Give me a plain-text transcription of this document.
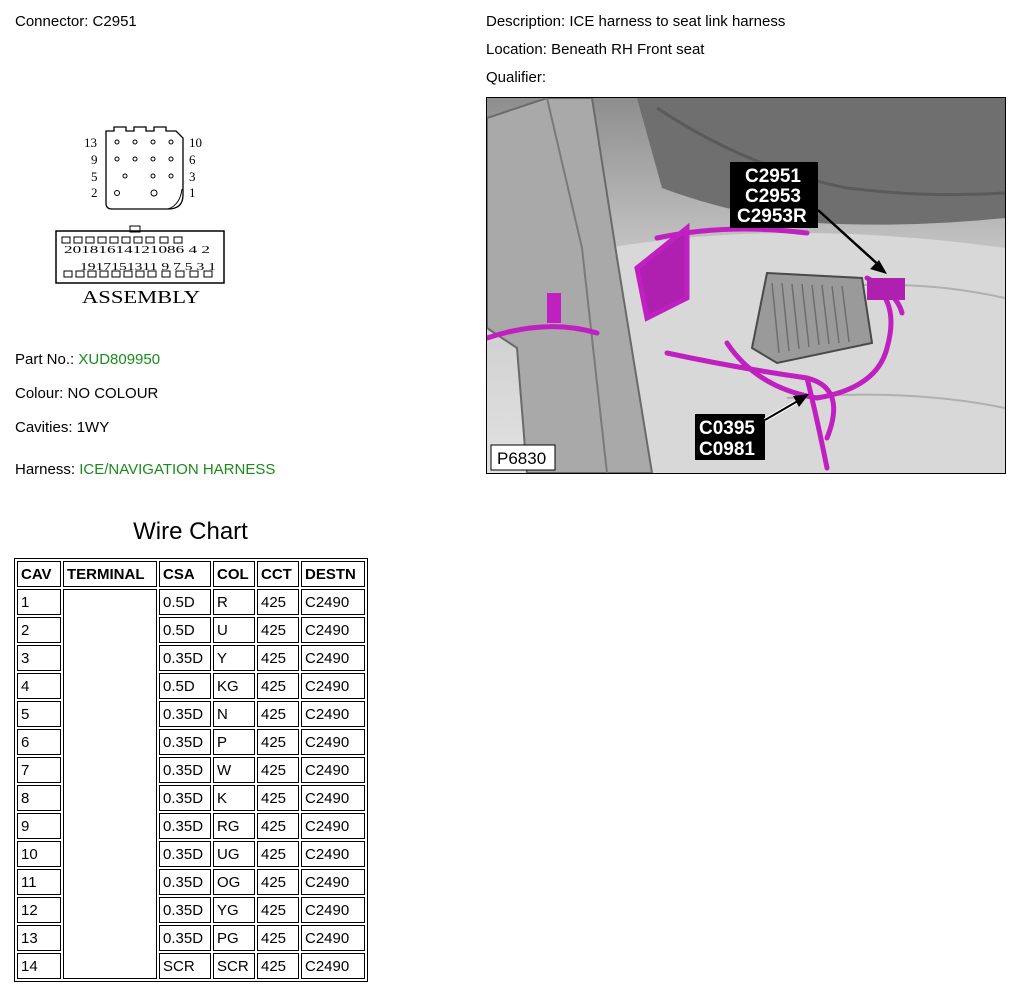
Connector: C2951	Description: ICE harness to seat link harness
Location: Beneath RH Front seat
Qualifier:
13
9
5
2
10
6
3
1
20181614121086 4 2
1917151311 9 7 5 3 1
ASSEMBLY
Part No.: XUD809950
Colour: NO COLOUR
Cavities: 1WY
Harness: ICE/NAVIGATION HARNESS
C2951
C2953
C2953R
C0395
C0981
P6830
Wire Chart
CAV	TERMINAL	CSA	COL	CCT	DESTN
1		0.5D	R	425	C2490
2		0.5D	U	425	C2490
3		0.35D	Y	425	C2490
4		0.5D	KG	425	C2490
5		0.35D	N	425	C2490
6		0.35D	P	425	C2490
7		0.35D	W	425	C2490
8		0.35D	K	425	C2490
9		0.35D	RG	425	C2490
10		0.35D	UG	425	C2490
11		0.35D	OG	425	C2490
12		0.35D	YG	425	C2490
13		0.35D	PG	425	C2490
14		SCR	SCR	425	C2490
